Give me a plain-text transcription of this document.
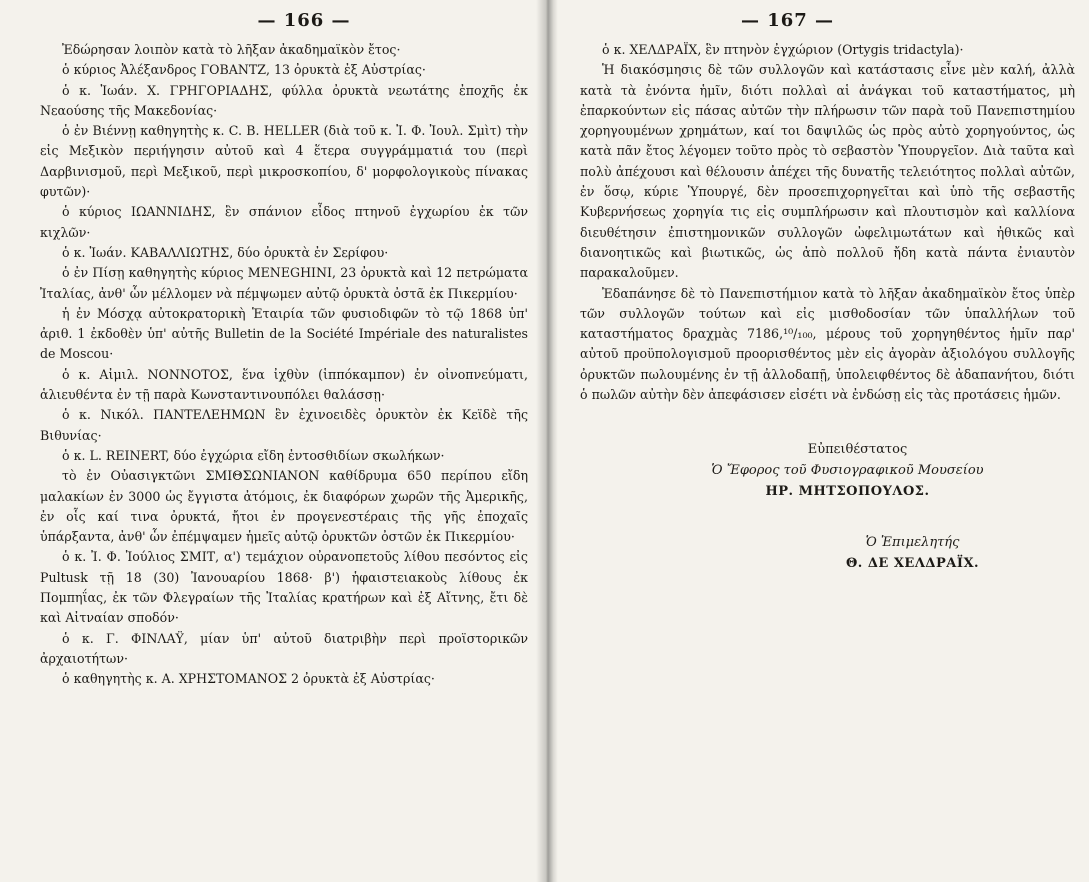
— 166 —

Ἐδώρησαν λοιπὸν κατὰ τὸ λῆξαν ἀκαδημαϊκὸν ἔτος·

ὁ κύριος Ἀλέξανδρος ΓΟΒΑΝΤΖ, 13 ὀρυκτὰ ἐξ Αὐστρίας·

ὁ κ. Ἰωάν. Χ. ΓΡΗΓΟΡΙΑΔΗΣ, φύλλα ὀρυκτὰ νεωτάτης ἐποχῆς ἐκ Νεαούσης τῆς Μακεδονίας·

ὁ ἐν Βιέννῃ καθηγητὴς κ. C. B. HELLER (διὰ τοῦ κ. Ἰ. Φ. Ἰουλ. Σμὶτ) τὴν εἰς Μεξικὸν περιήγησιν αὐτοῦ καὶ 4 ἕτερα συγγράμματιά του (περὶ Δαρβινισμοῦ, περὶ Μεξικοῦ, περὶ μικροσκοπίου, δ' μορφολογικοὺς πίνακας φυτῶν)·

ὁ κύριος ΙΩΑΝΝΙΔΗΣ, ἓν σπάνιον εἶδος πτηνοῦ ἐγχωρίου ἐκ τῶν κιχλῶν·

ὁ κ. Ἰωάν. ΚΑΒΑΛΛΙΩΤΗΣ, δύο ὀρυκτὰ ἐν Σερίφου·

ὁ ἐν Πίσῃ καθηγητὴς κύριος MENEGHINI, 23 ὀρυκτὰ καὶ 12 πετρώματα Ἰταλίας, ἀνθ' ὧν μέλλομεν νὰ πέμψωμεν αὐτῷ ὀρυκτὰ ὀστᾶ ἐκ Πικερμίου·

ἡ ἐν Μόσχᾳ αὐτοκρατορικὴ Ἑταιρία τῶν φυσιοδιφῶν τὸ τῷ 1868 ὑπ' ἀριθ. 1 ἐκδοθὲν ὑπ' αὐτῆς Bulletin de la Société Impériale des naturalistes de Moscou·

ὁ κ. Αἰμιλ. ΝΟΝΝΟΤΟΣ, ἕνα ἰχθὺν (ἱππόκαμπον) ἐν οἰνοπνεύματι, ἁλιευθέντα ἐν τῇ παρὰ Κωνσταντινουπόλει θαλάσσῃ·

ὁ κ. Νικόλ. ΠΑΝΤΕΛΕΗΜΩΝ ἓν ἐχινοειδὲς ὀρυκτὸν ἐκ Κεϊδὲ τῆς Βιθυνίας·

ὁ κ. L. REINERT, δύο ἐγχώρια εἴδη ἐντοσθιδίων σκωλήκων·

τὸ ἐν Οὐασιγκτῶνι ΣΜΙΘΣΩΝΙΑΝΟΝ καθίδρυμα 650 περίπου εἴδη μαλακίων ἐν 3000 ὡς ἔγγιστα ἀτόμοις, ἐκ διαφόρων χωρῶν τῆς Ἀμερικῆς, ἐν οἷς καί τινα ὀρυκτά, ἤτοι ἐν προγενεστέραις τῆς γῆς ἐποχαῖς ὑπάρξαντα, ἀνθ' ὧν ἐπέμψαμεν ἡμεῖς αὐτῷ ὀρυκτῶν ὀστῶν ἐκ Πικερμίου·

ὁ κ. Ἰ. Φ. Ἰούλιος ΣΜΙΤ, α') τεμάχιον οὐρανοπετοῦς λίθου πεσόντος εἰς Pultusk τῇ 18 (30) Ἰανουαρίου 1868· β') ἡφαιστειακοὺς λίθους ἐκ Πομπηΐας, ἐκ τῶν Φλεγραίων τῆς Ἰταλίας κρατήρων καὶ ἐξ Αἴτνης, ἔτι δὲ καὶ Αἰτναίαν σποδόν·

ὁ κ. Γ. ΦΙΝΛΑΫ, μίαν ὑπ' αὐτοῦ διατριβὴν περὶ προϊστορικῶν ἀρχαιοτήτων·

ὁ καθηγητὴς κ. Α. ΧΡΗΣΤΟΜΑΝΟΣ 2 ὀρυκτὰ ἐξ Αὐστρίας·

— 167 —

ὁ κ. ΧΕΛΔΡΑΪΧ, ἓν πτηνὸν ἐγχώριον (Ortygis tridactyla)·

Ἡ διακόσμησις δὲ τῶν συλλογῶν καὶ κατάστασις εἶνε μὲν καλή, ἀλλὰ κατὰ τὰ ἐνόντα ἡμῖν, διότι πολλαὶ αἱ ἀνάγκαι τοῦ καταστήματος, μὴ ἐπαρκούντων εἰς πάσας αὐτῶν τὴν πλήρωσιν τῶν παρὰ τοῦ Πανεπιστημίου χορηγουμένων χρημάτων, καί τοι δαψιλῶς ὡς πρὸς αὐτὸ χορηγούντος, ὡς κατὰ πᾶν ἔτος λέγομεν τοῦτο πρὸς τὸ σεβαστὸν Ὑπουργεῖον. Διὰ ταῦτα καὶ πολὺ ἀπέχουσι καὶ θέλουσιν ἀπέχει τῆς δυνατῆς τελειότητος πολλαὶ αὐτῶν, ἐν ὅσῳ, κύριε Ὑπουργέ, δὲν προσεπιχορηγεῖται καὶ ὑπὸ τῆς σεβαστῆς Κυβερνήσεως χορηγία τις εἰς συμπλήρωσιν καὶ πλουτισμὸν καὶ καλλίονα διευθέτησιν ἐπιστημονικῶν συλλογῶν ὠφελιμωτάτων καὶ ἠθικῶς καὶ διανοητικῶς καὶ βιωτικῶς, ὡς ἀπὸ πολλοῦ ἤδη κατὰ πάντα ἐνιαυτὸν παρακαλοῦμεν.

Ἐδαπάνησε δὲ τὸ Πανεπιστήμιον κατὰ τὸ λῆξαν ἀκαδημαϊκὸν ἔτος ὑπὲρ τῶν συλλογῶν τούτων καὶ εἰς μισθοδοσίαν τῶν ὑπαλλήλων τοῦ καταστήματος δραχμὰς 7186,¹⁰/₁₀₀, μέρους τοῦ χορηγηθέντος ἡμῖν παρ' αὐτοῦ προϋπολογισμοῦ προορισθέντος μὲν εἰς ἀγορὰν ἀξιολόγου συλλογῆς ὀρυκτῶν πωλουμένης ἐν τῇ ἀλλοδαπῇ, ὑπολειφθέντος δὲ ἀδαπανήτου, διότι ὁ πωλῶν αὐτὴν δὲν ἀπεφάσισεν εἰσέτι νὰ ἐνδώσῃ εἰς τὰς προτάσεις ἡμῶν.

Εὐπειθέστατος
Ὁ Ἔφορος τοῦ Φυσιογραφικοῦ Μουσείου
ΗΡ. ΜΗΤΣΟΠΟΥΛΟΣ.
Ὁ Ἐπιμελητής
Θ. ΔΕ ΧΕΛΔΡΑΪΧ.
